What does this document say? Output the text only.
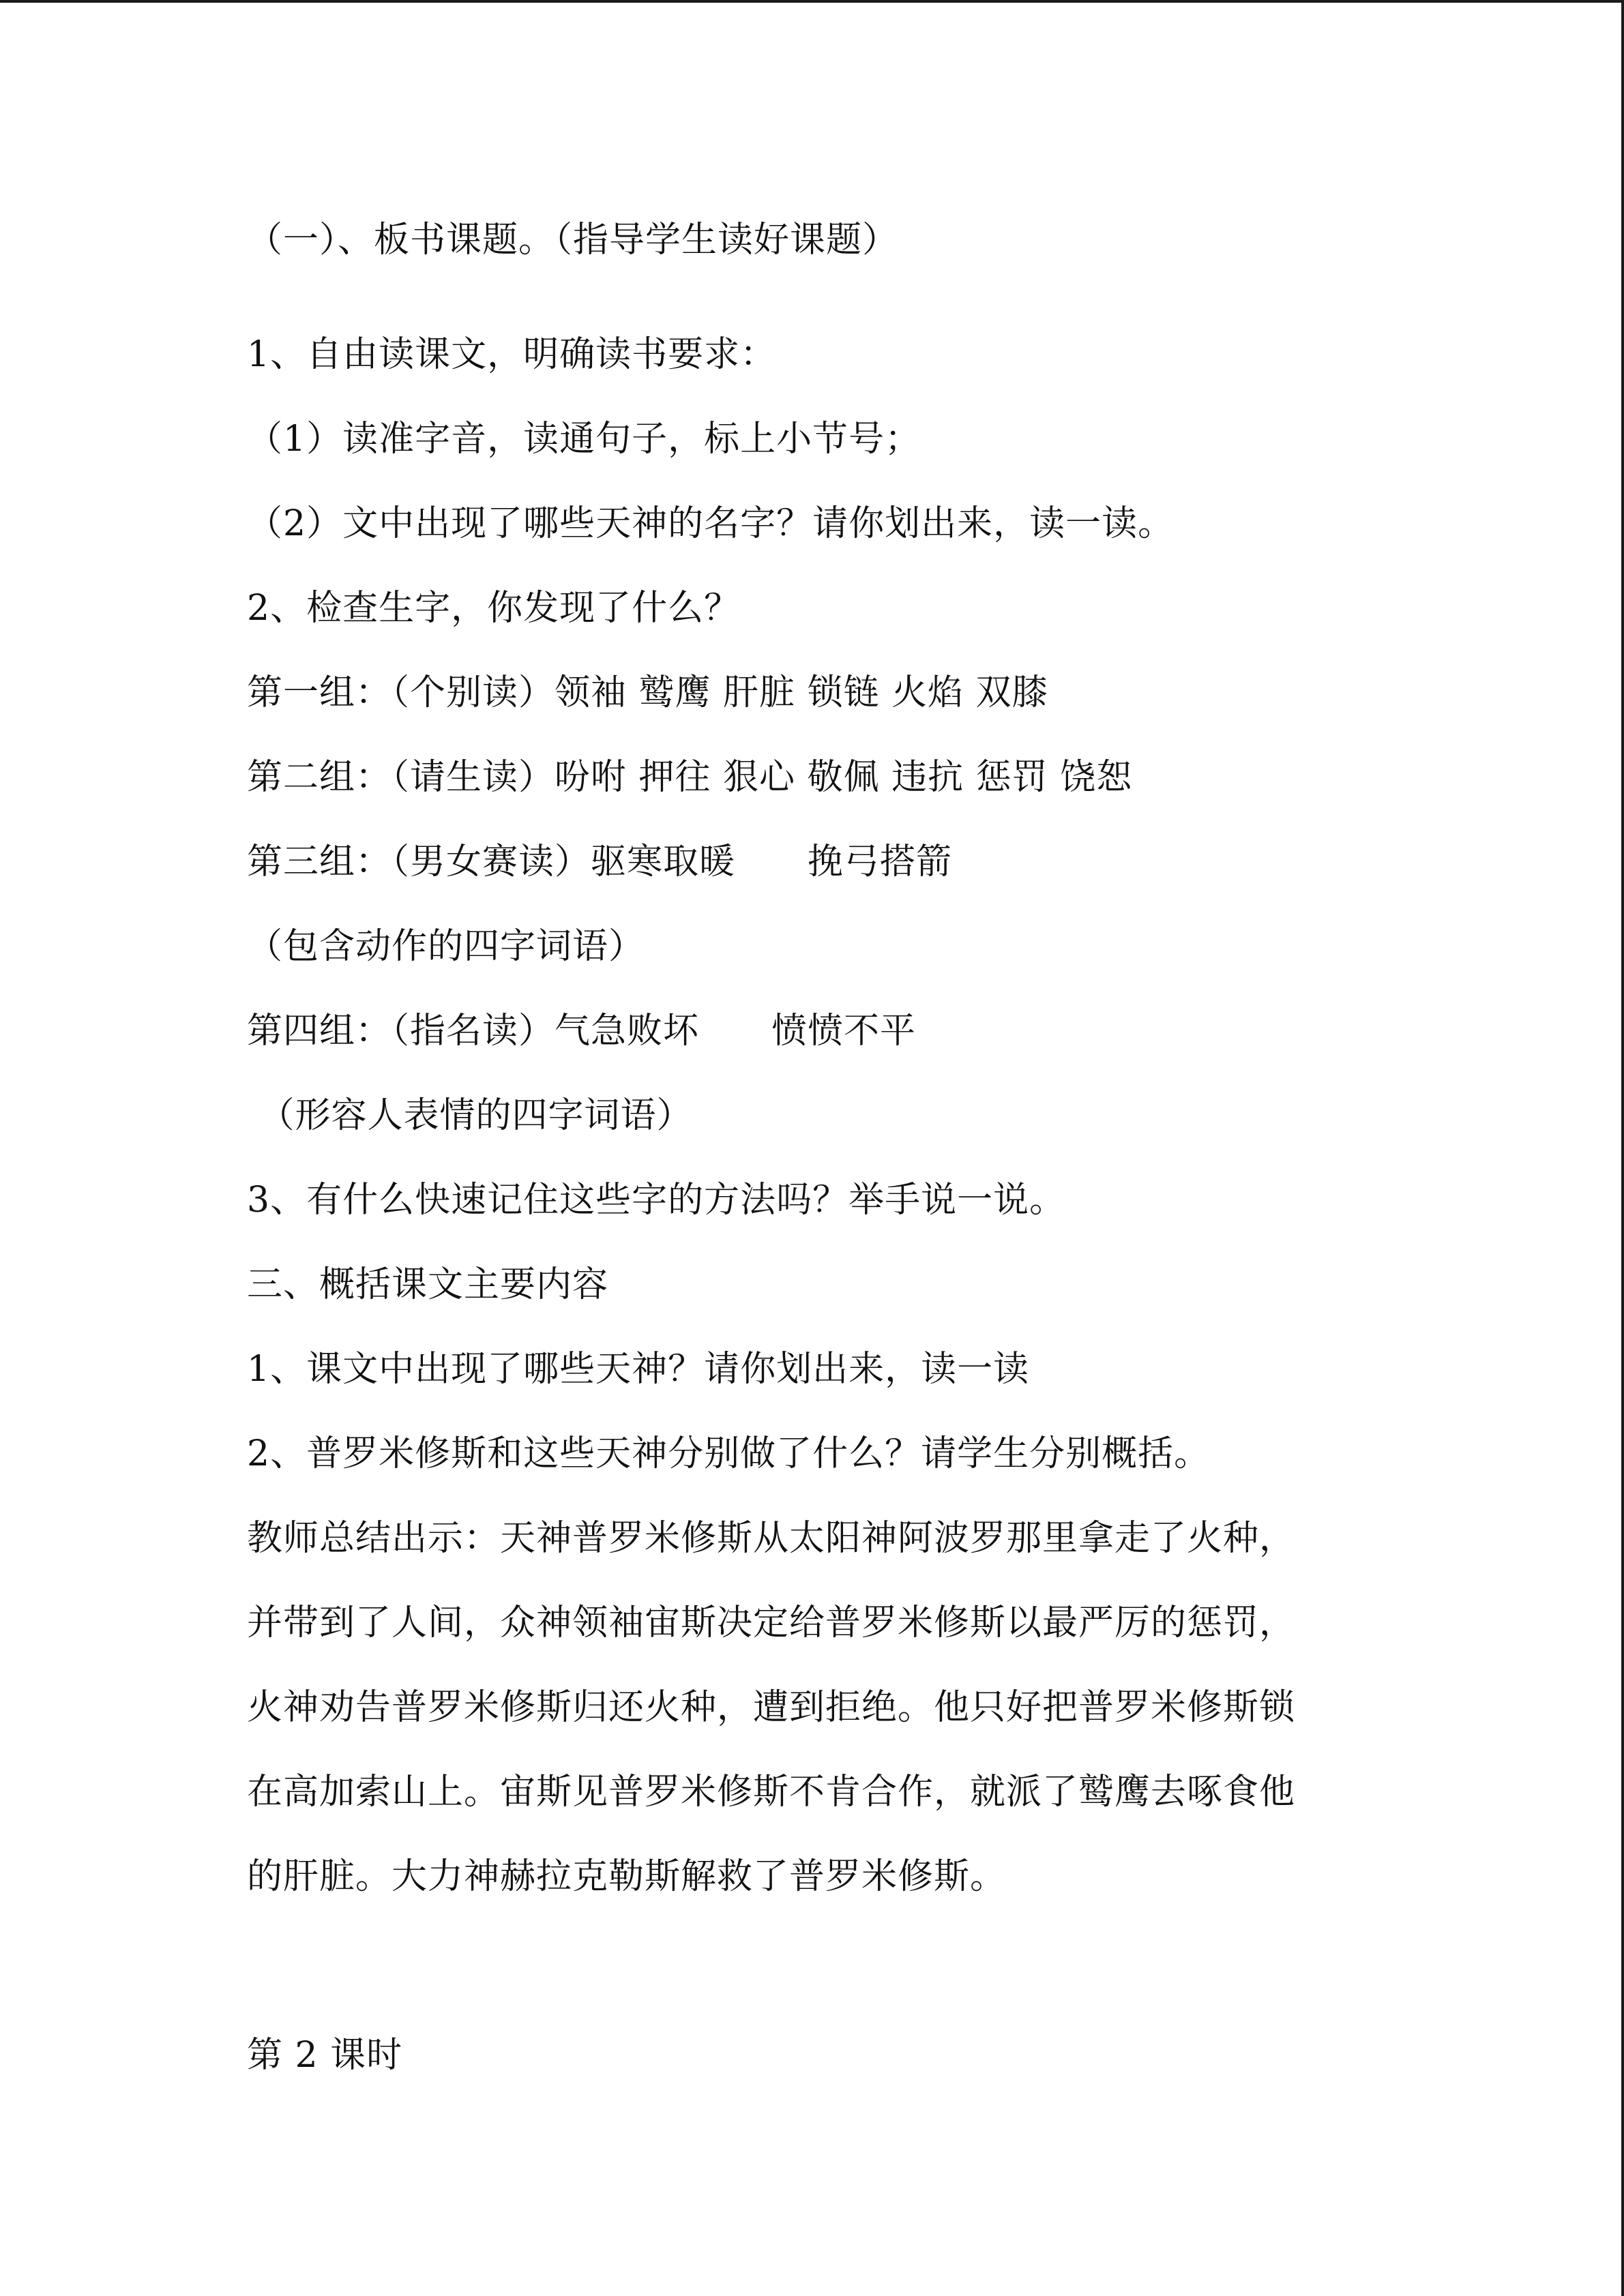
（一）、板书课题。（指导学生读好课题）
1、自由读课文，明确读书要求：
（1）读准字音，读通句子，标上小节号；
（2）文中出现了哪些天神的名字？请你划出来，读一读。
2、检查生字，你发现了什么？
第一组：（个别读）领袖 鹫鹰 肝脏 锁链 火焰 双膝
第二组：（请生读）吩咐 押往 狠心 敬佩 违抗 惩罚 饶恕
第三组：（男女赛读）驱寒取暖　　挽弓搭箭
（包含动作的四字词语）
第四组：（指名读）气急败坏　　愤愤不平
（形容人表情的四字词语）
3、有什么快速记住这些字的方法吗？举手说一说。
三、概括课文主要内容
1、课文中出现了哪些天神？请你划出来，读一读
2、普罗米修斯和这些天神分别做了什么？请学生分别概括。
教师总结出示：天神普罗米修斯从太阳神阿波罗那里拿走了火种，
并带到了人间，众神领袖宙斯决定给普罗米修斯以最严厉的惩罚，
火神劝告普罗米修斯归还火种，遭到拒绝。他只好把普罗米修斯锁
在高加索山上。宙斯见普罗米修斯不肯合作，就派了鹫鹰去啄食他
的肝脏。大力神赫拉克勒斯解救了普罗米修斯。
第 2 课时
